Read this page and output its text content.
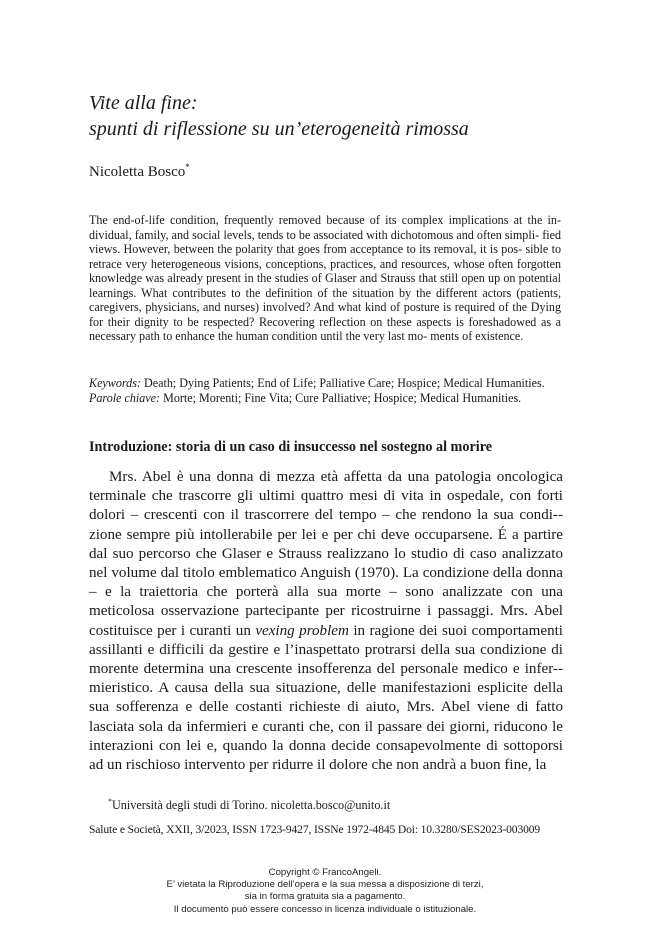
Vite alla fine:
spunti di riflessione su un’eterogeneità rimossa
Nicoletta Bosco*

The end-of-life condition, frequently removed because of its complex implications at the in- dividual, family, and social levels, tends to be associated with dichotomous and often simpli- fied views. However, between the polarity that goes from acceptance to its removal, it is pos- sible to retrace very heterogeneous visions, conceptions, practices, and resources, whose often forgotten knowledge was already present in the studies of Glaser and Strauss that still open up on potential learnings. What contributes to the definition of the situation by the different actors (patients, caregivers, physicians, and nurses) involved? And what kind of posture is required of the Dying for their dignity to be respected? Recovering reflection on these aspects is foreshadowed as a necessary path to enhance the human condition until the very last mo- ments of existence.

Keywords: Death; Dying Patients; End of Life; Palliative Care; Hospice; Medical Humanities.
Parole chiave: Morte; Morenti; Fine Vita; Cure Palliative; Hospice; Medical Humanities.
Introduzione: storia di un caso di insuccesso nel sostegno al morire

Mrs. Abel è una donna di mezza età affetta da una patologia oncologica terminale che trascorre gli ultimi quattro mesi di vita in ospedale, con forti dolori – crescenti con il trascorrere del tempo – che rendono la sua condi-zione sempre più intollerabile per lei e per chi deve occuparsene. É a partire dal suo percorso che Glaser e Strauss realizzano lo studio di caso analizzato nel volume dal titolo emblematico Anguish (1970). La condizione della donna – e la traiettoria che porterà alla sua morte – sono analizzate con una meticolosa osservazione partecipante per ricostruirne i passaggi. Mrs. Abel costituisce per i curanti un vexing problem in ragione dei suoi comportamenti assillanti e difficili da gestire e l’inaspettato protrarsi della sua condizione di morente determina una crescente insofferenza del personale medico e infer-mieristico. A causa della sua situazione, delle manifestazioni esplicite della sua sofferenza e delle costanti richieste di aiuto, Mrs. Abel viene di fatto lasciata sola da infermieri e curanti che, con il passare dei giorni, riducono le interazioni con lei e, quando la donna decide consapevolmente di sottoporsi ad un rischioso intervento per ridurre il dolore che non andrà a buon fine, la

*Università degli studi di Torino. nicoletta.bosco@unito.it
Salute e Società, XXII, 3/2023, ISSN 1723-9427, ISSNe 1972-4845 Doi: 10.3280/SES2023-003009
Copyright © FrancoAngeli.
E’ vietata la Riproduzione dell’opera e la sua messa a disposizione di terzi,
sia in forma gratuita sia a pagamento.
Il documento può essere concesso in licenza individuale o istituzionale.
